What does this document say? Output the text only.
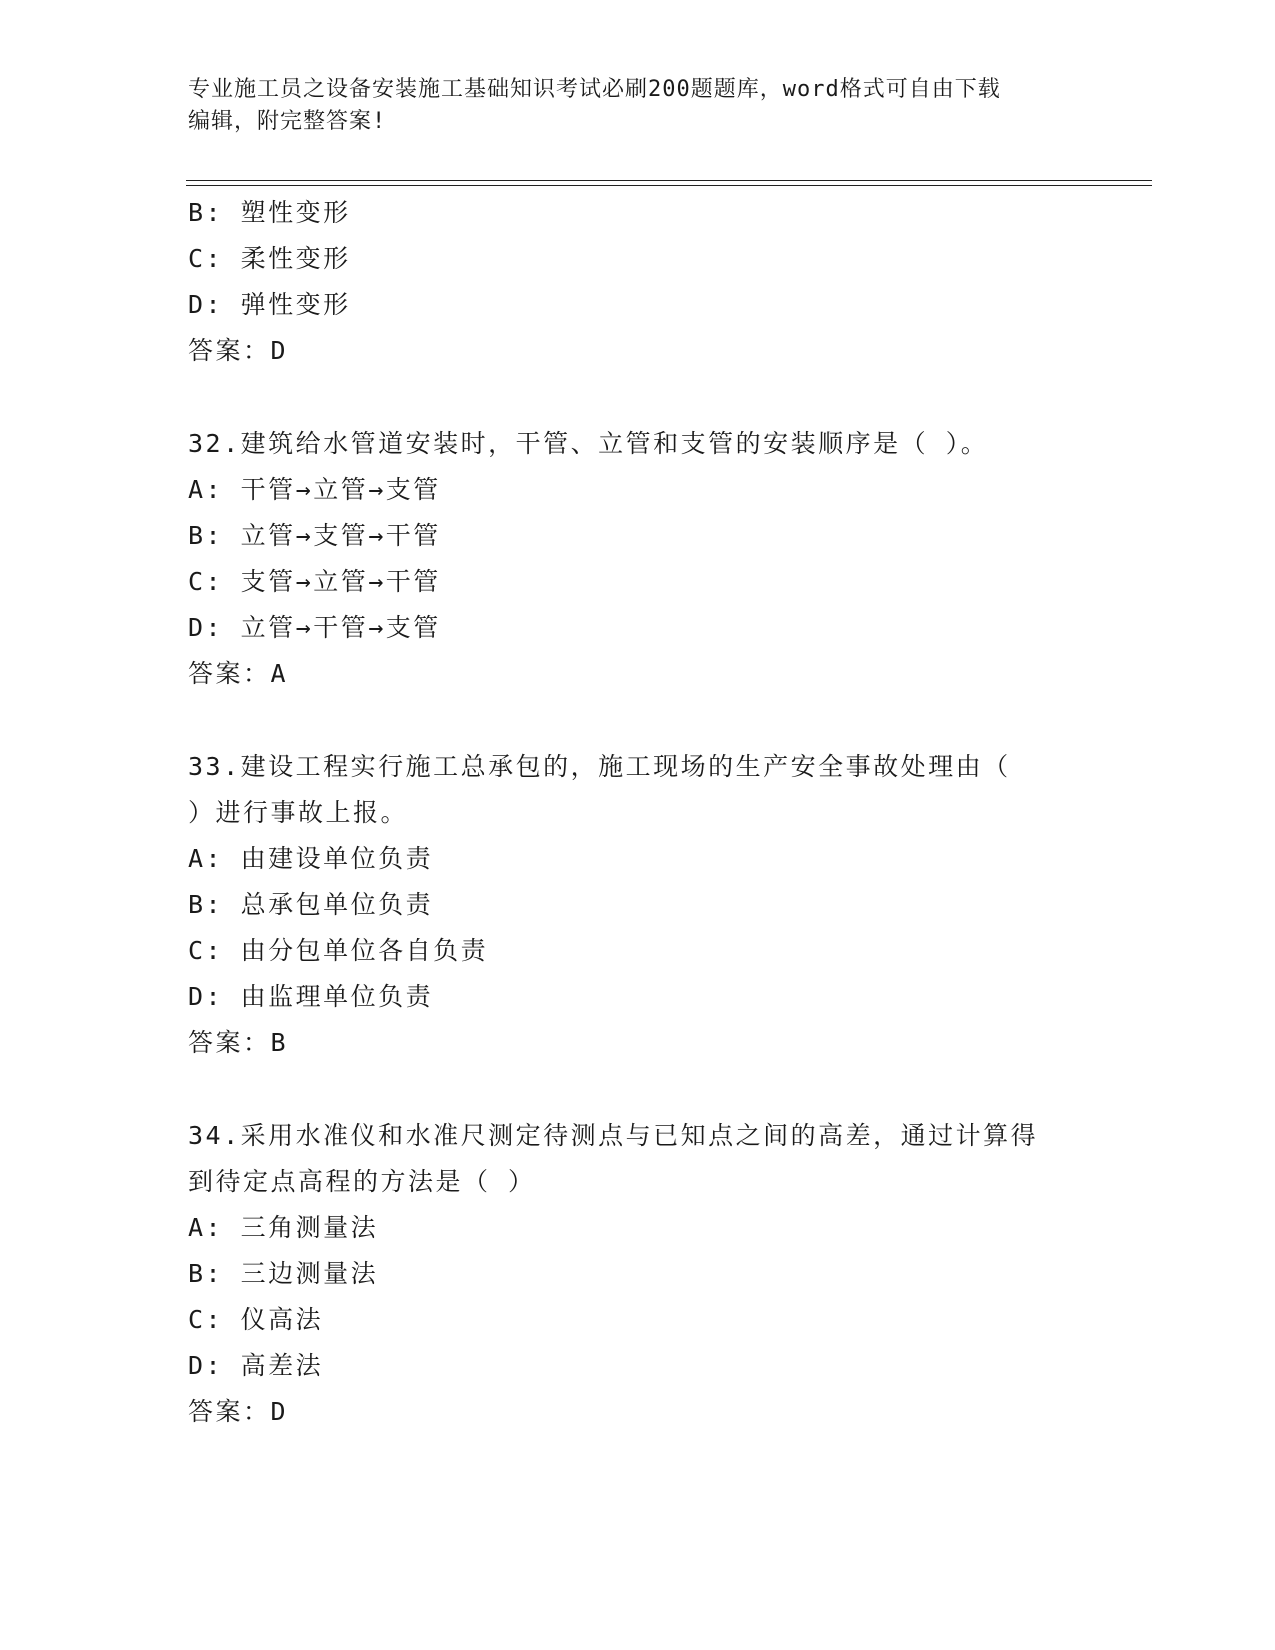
专业施工员之设备安装施工基础知识考试必刷200题题库，word格式可自由下载
编辑，附完整答案!
B: 塑性变形
C: 柔性变形
D: 弹性变形
答案：D
32.建筑给水管道安装时，干管、立管和支管的安装顺序是（ ）。
A: 干管→立管→支管
B: 立管→支管→干管
C: 支管→立管→干管
D: 立管→干管→支管
答案：A
33.建设工程实行施工总承包的，施工现场的生产安全事故处理由（
）进行事故上报。
A: 由建设单位负责
B: 总承包单位负责
C: 由分包单位各自负责
D: 由监理单位负责
答案：B
34.采用水准仪和水准尺测定待测点与已知点之间的高差，通过计算得
到待定点高程的方法是（ ）
A: 三角测量法
B: 三边测量法
C: 仪高法
D: 高差法
答案：D
